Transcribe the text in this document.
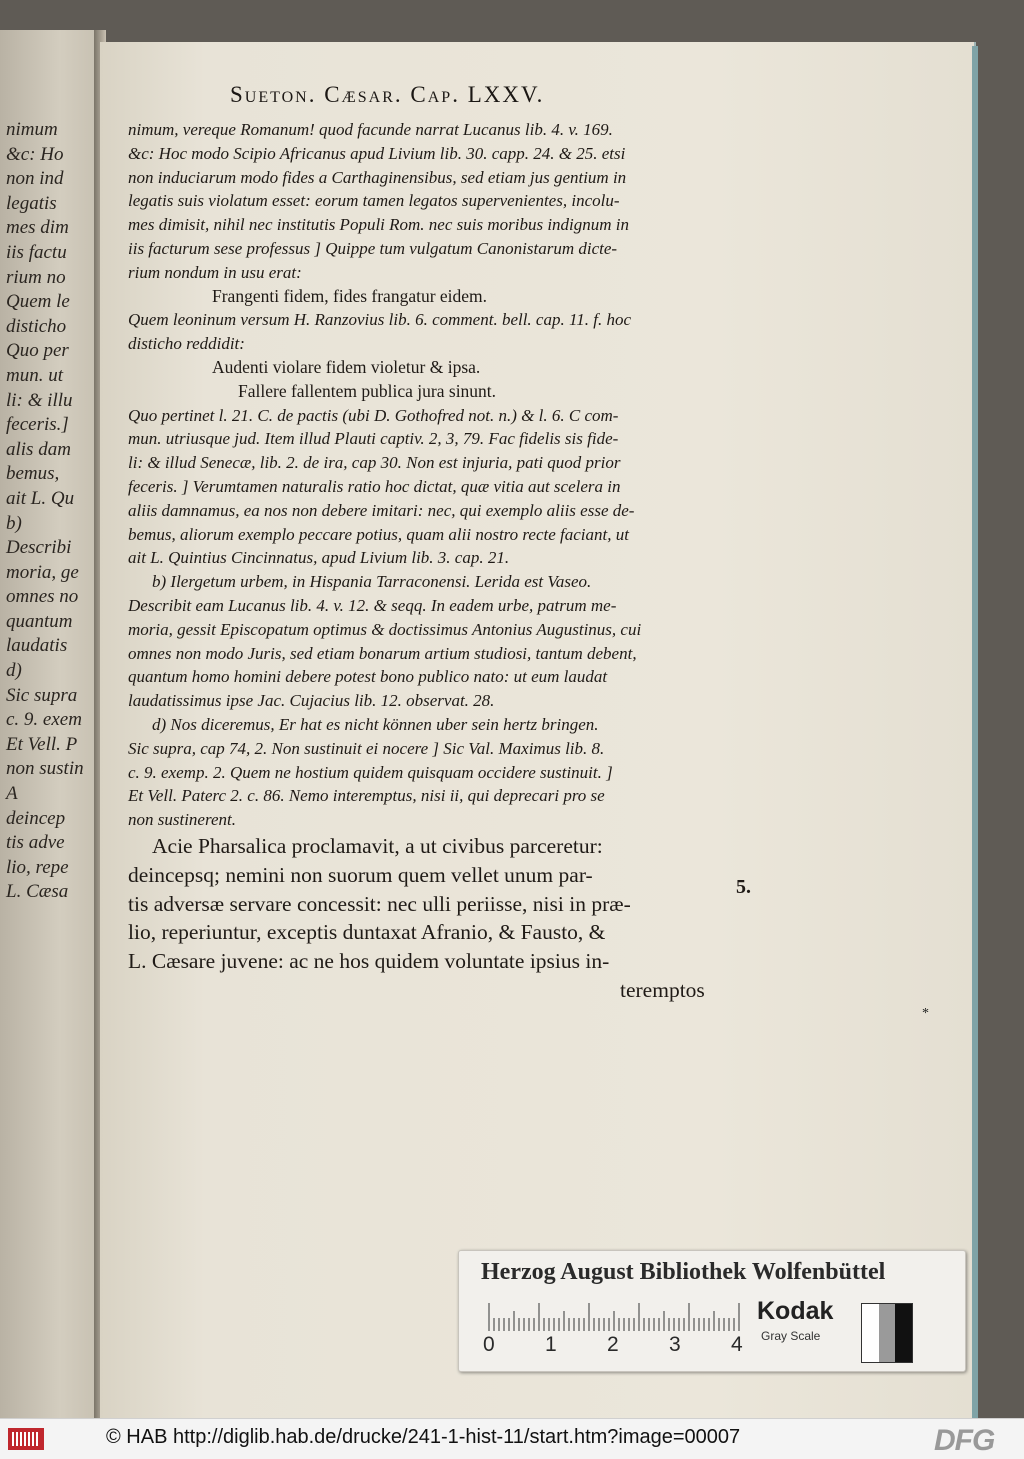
nimum
&c: Ho
non ind
legatis
mes dim
iis factu
rium no
Quem le
disticho
Quo per
mun. ut
li: & illu
feceris.]
alis dam
bemus,
ait L. Qu
b)
Describi
moria, ge
omnes no
quantum
laudatis
d)
Sic supra
c. 9. exem
Et Vell. P
non sustin
A
deincep
tis adve
lio, repe
L. Cæsa
Sueton. Cæsar. Cap. LXXV.
nimum, vereque Romanum! quod facunde narrat Lucanus lib. 4. v. 169.
&c: Hoc modo Scipio Africanus apud Livium lib. 30. capp. 24. & 25. etsi
non induciarum modo fides a Carthaginensibus, sed etiam jus gentium in
legatis suis violatum esset: eorum tamen legatos supervenientes, incolu-
mes dimisit, nihil nec institutis Populi Rom. nec suis moribus indignum in
iis facturum sese professus ] Quippe tum vulgatum Canonistarum dicte-
rium nondum in usu erat:
Frangenti fidem, fides frangatur eidem.
Quem leoninum versum H. Ranzovius lib. 6. comment. bell. cap. 11. f. hoc
disticho reddidit:
Audenti violare fidem violetur & ipsa.
Fallere fallentem publica jura sinunt.
Quo pertinet l. 21. C. de pactis (ubi D. Gothofred not. n.) & l. 6. C com-
mun. utriusque jud. Item illud Plauti captiv. 2, 3, 79. Fac fidelis sis fide-
li: & illud Senecæ, lib. 2. de ira, cap 30. Non est injuria, pati quod prior
feceris. ] Verumtamen naturalis ratio hoc dictat, quæ vitia aut scelera in
aliis damnamus, ea nos non debere imitari: nec, qui exemplo aliis esse de-
bemus, aliorum exemplo peccare potius, quam alii nostro recte faciant, ut
ait L. Quintius Cincinnatus, apud Livium lib. 3. cap. 21.
b) Ilergetum urbem, in Hispania Tarraconensi. Lerida est Vaseo.
Describit eam Lucanus lib. 4. v. 12. & seqq. In eadem urbe, patrum me-
moria, gessit Episcopatum optimus & doctissimus Antonius Augustinus, cui
omnes non modo Juris, sed etiam bonarum artium studiosi, tantum debent,
quantum homo homini debere potest bono publico nato: ut eum laudat
laudatissimus ipse Jac. Cujacius lib. 12. observat. 28.
d) Nos diceremus, Er hat es nicht können uber sein hertz bringen.
Sic supra, cap 74, 2. Non sustinuit ei nocere ] Sic Val. Maximus lib. 8.
c. 9. exemp. 2. Quem ne hostium quidem quisquam occidere sustinuit. ]
Et Vell. Paterc 2. c. 86. Nemo interemptus, nisi ii, qui deprecari pro se
non sustinerent.
Acie Pharsalica proclamavit, a ut civibus parceretur:
deincepsq; nemini non suorum quem vellet unum par-
tis adversæ servare concessit: nec ulli periisse, nisi in præ-
lio, reperiuntur, exceptis duntaxat Afranio, & Fausto, &
L. Cæsare juvene: ac ne hos quidem voluntate ipsius in-
teremptos
5.
*
Herzog August Bibliothek Wolfenbüttel
0 1 2 3 4
Kodak
Gray Scale
© HAB http://diglib.hab.de/drucke/241-1-hist-11/start.htm?image=00007	DFG
